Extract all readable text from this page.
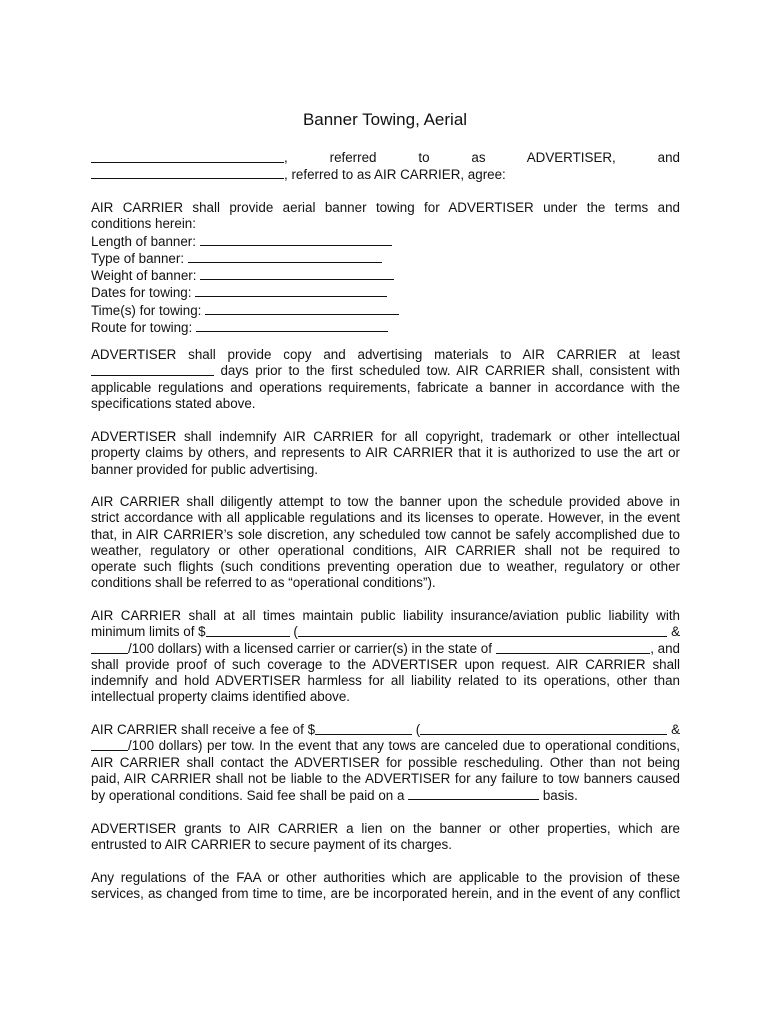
Banner Towing, Aerial
, referred to as ADVERTISER, and
, referred to as AIR CARRIER, agree:
AIR CARRIER shall provide aerial banner towing for ADVERTISER under the terms and
conditions herein:
Length of banner:
Type of banner:
Weight of banner:
Dates for towing:
Time(s) for towing:
Route for towing:
ADVERTISER shall provide copy and advertising materials to AIR CARRIER at least
days prior to the first scheduled tow. AIR CARRIER shall, consistent with
applicable regulations and operations requirements, fabricate a banner in accordance with the
specifications stated above.
ADVERTISER shall indemnify AIR CARRIER for all copyright, trademark or other intellectual
property claims by others, and represents to AIR CARRIER that it is authorized to use the art or
banner provided for public advertising.
AIR CARRIER shall diligently attempt to tow the banner upon the schedule provided above in
strict accordance with all applicable regulations and its licenses to operate. However, in the event
that, in AIR CARRIER’s sole discretion, any scheduled tow cannot be safely accomplished due to
weather, regulatory or other operational conditions, AIR CARRIER shall not be required to
operate such flights (such conditions preventing operation due to weather, regulatory or other
conditions shall be referred to as “operational conditions”).
AIR CARRIER shall at all times maintain public liability insurance/aviation public liability with
minimum limits of $	(	&
/100 dollars) with a licensed carrier or carrier(s) in the state of	, and
shall provide proof of such coverage to the ADVERTISER upon request. AIR CARRIER shall
indemnify and hold ADVERTISER harmless for all liability related to its operations, other than
intellectual property claims identified above.
AIR CARRIER shall receive a fee of $	(	&
/100 dollars) per tow. In the event that any tows are canceled due to operational conditions,
AIR CARRIER shall contact the ADVERTISER for possible rescheduling. Other than not being
paid, AIR CARRIER shall not be liable to the ADVERTISER for any failure to tow banners caused
by operational conditions. Said fee shall be paid on a	basis.
ADVERTISER grants to AIR CARRIER a lien on the banner or other properties, which are
entrusted to AIR CARRIER to secure payment of its charges.
Any regulations of the FAA or other authorities which are applicable to the provision of these
services, as changed from time to time, are be incorporated herein, and in the event of any conflict
